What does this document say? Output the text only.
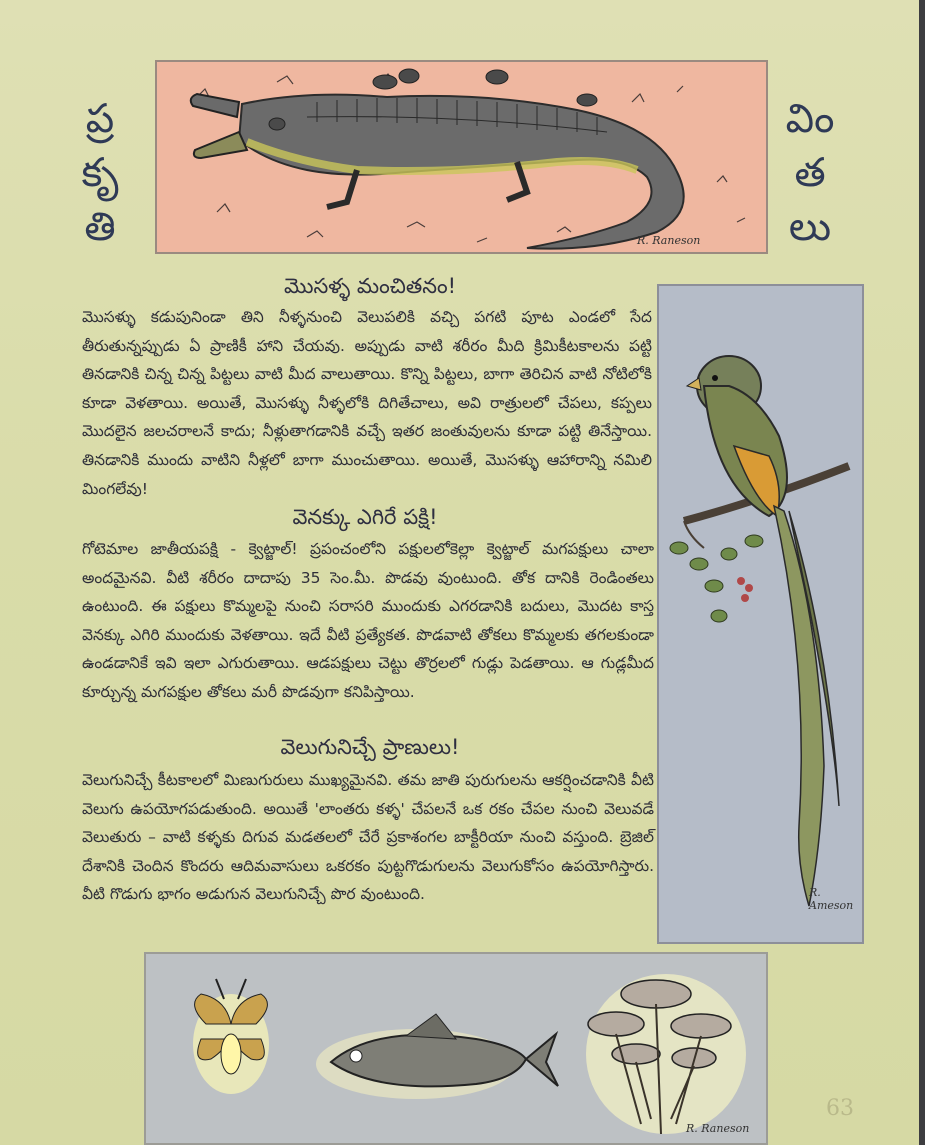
ప్ర
కృ
తి
విం
త
లు
R. Raneson
మొసళ్ళ మంచితనం!
మొసళ్ళు కడుపునిండా తిని నీళ్ళనుంచి వెలుపలికి వచ్చి పగటి పూట ఎండలో సేద తీరుతున్నప్పుడు ఏ ప్రాణికీ హాని చేయవు. అప్పుడు వాటి శరీరం మీది క్రిమికీటకాలను పట్టి తినడానికి చిన్న చిన్న పిట్టలు వాటి మీద వాలుతాయి. కొన్ని పిట్టలు, బాగా తెరిచిన వాటి నోటిలోకి కూడా వెళతాయి. అయితే, మొసళ్ళు నీళ్ళలోకి దిగితేచాలు, అవి రాత్రులలో చేపలు, కప్పలు మొదలైన జలచరాలనే కాదు; నీళ్లుతాగడానికి వచ్చే ఇతర జంతువులను కూడా పట్టి తినేస్తాయి. తినడానికి ముందు వాటిని నీళ్లలో బాగా ముంచుతాయి. అయితే, మొసళ్ళు ఆహారాన్ని నమిలి మింగలేవు!
వెనక్కు ఎగిరే పక్షి!
గోటెమాల జాతీయపక్షి - క్వెట్జాల్! ప్రపంచంలోని పక్షులలోకెల్లా క్వెట్జాల్ మగపక్షులు చాలా అందమైనవి. వీటి శరీరం దాదాపు 35 సెం.మీ. పొడవు వుంటుంది. తోక దానికి రెండింతలు ఉంటుంది. ఈ పక్షులు కొమ్మలపై నుంచి సరాసరి ముందుకు ఎగరడానికి బదులు, మొదట కాస్త వెనక్కు ఎగిరి ముందుకు వెళతాయి. ఇదే వీటి ప్రత్యేకత. పొడవాటి తోకలు కొమ్మలకు తగలకుండా ఉండడానికే ఇవి ఇలా ఎగురుతాయి. ఆడపక్షులు చెట్టు తొర్రలలో గుడ్లు పెడతాయి. ఆ గుడ్లమీద కూర్చున్న మగపక్షుల తోకలు మరీ పొడవుగా కనిపిస్తాయి.
వెలుగునిచ్చే ప్రాణులు!
వెలుగునిచ్చే కీటకాలలో మిణుగురులు ముఖ్యమైనవి. తమ జాతి పురుగులను ఆకర్షించడానికి వీటి వెలుగు ఉపయోగపడుతుంది. అయితే 'లాంతరు కళ్ళ' చేపలనే ఒక రకం చేపల నుంచి వెలువడే వెలుతురు – వాటి కళ్ళకు దిగువ మడతలలో చేరే ప్రకాశంగల బాక్టీరియా నుంచి వస్తుంది. బ్రెజిల్ దేశానికి చెందిన కొందరు ఆదిమవాసులు ఒకరకం పుట్టగొడుగులను వెలుగుకోసం ఉపయోగిస్తారు. వీటి గొడుగు భాగం అడుగున వెలుగునిచ్చే పొర వుంటుంది.	R. Ameson
R. Raneson
63
